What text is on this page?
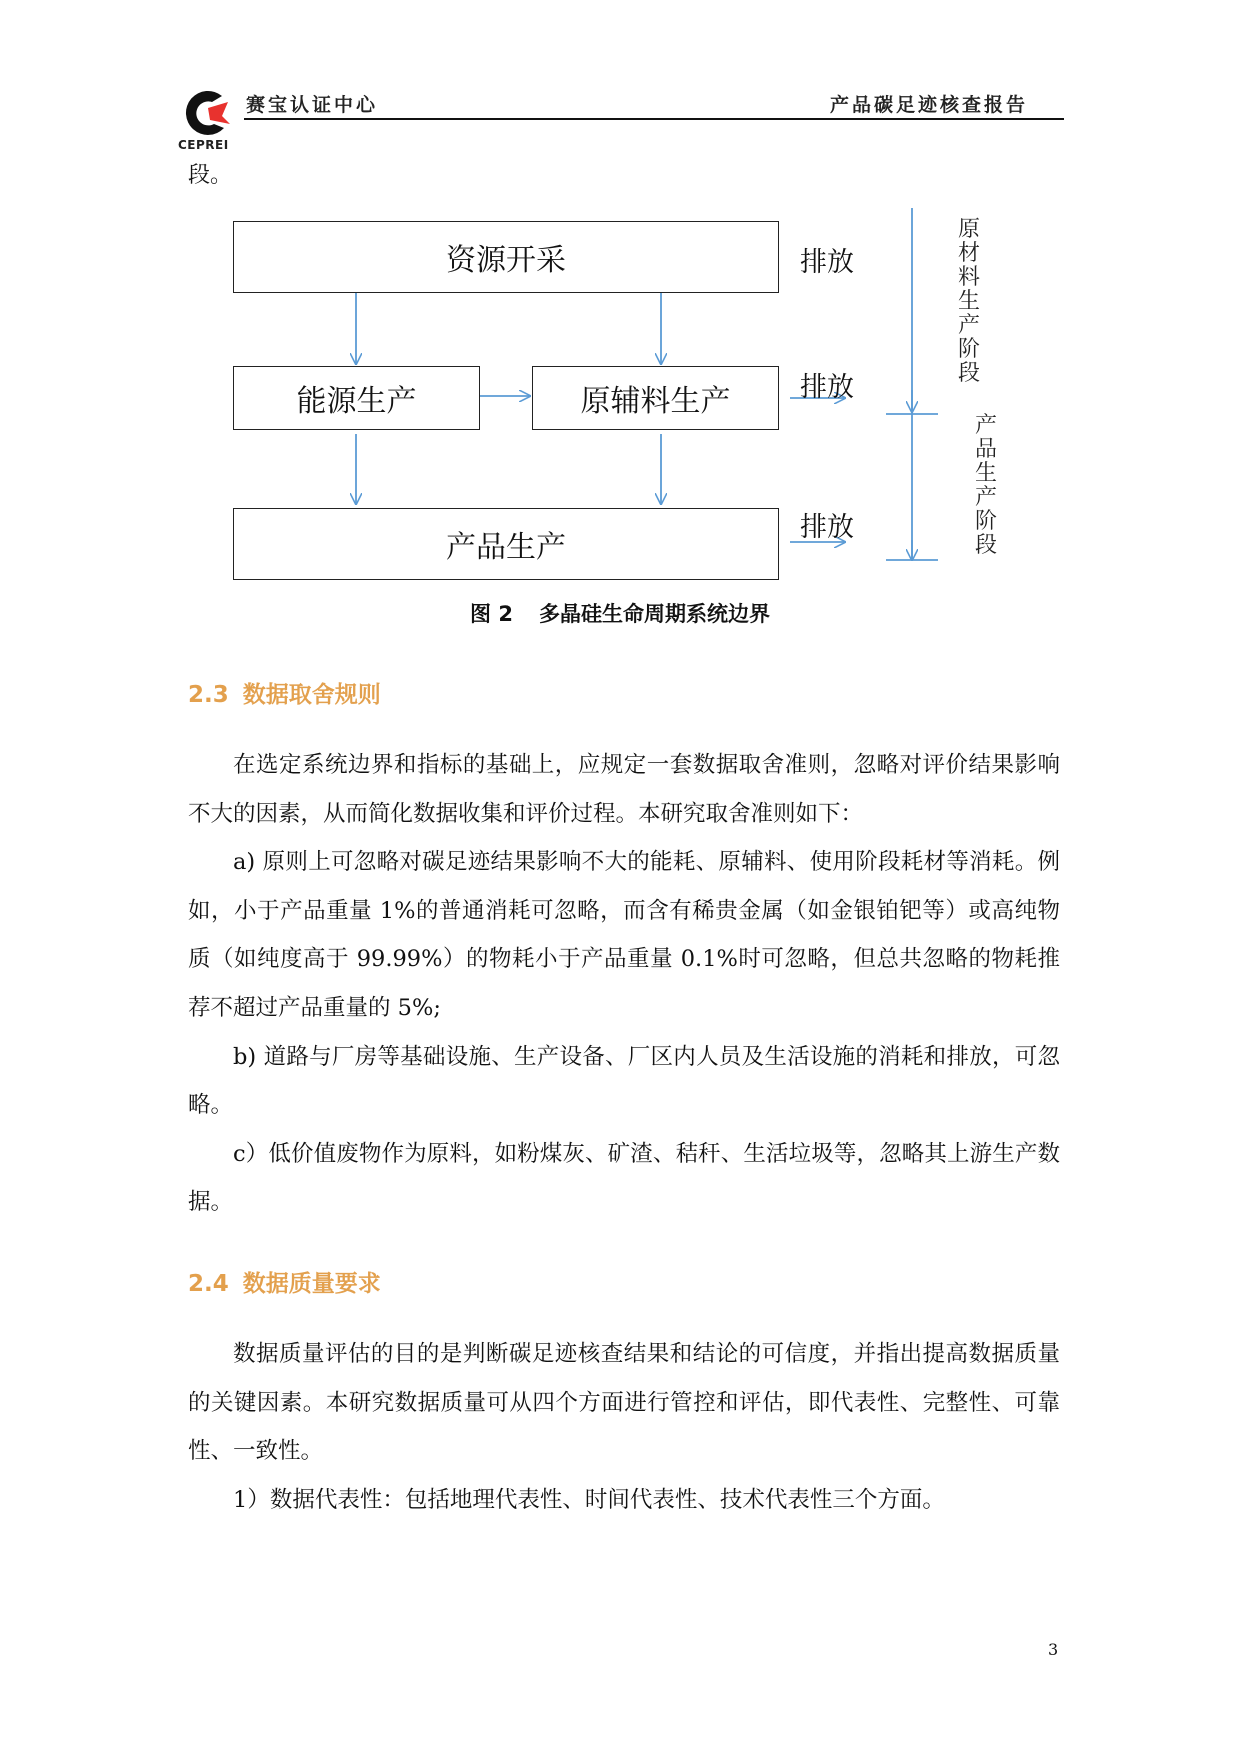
CEPREI
赛宝认证中心	产品碳足迹核查报告
段。
资源开采
能源生产	原辅料生产
产品生产
排放
排放
排放
原材料生产阶段
产品生产阶段
图 2 多晶硅生命周期系统边界
2.3 数据取舍规则

在选定系统边界和指标的基础上，应规定一套数据取舍准则，忽略对评价结果影响不大的因素，从而简化数据收集和评价过程。本研究取舍准则如下：

a) 原则上可忽略对碳足迹结果影响不大的能耗、原辅料、使用阶段耗材等消耗。例如，小于产品重量 1%的普通消耗可忽略，而含有稀贵金属（如金银铂钯等）或高纯物质（如纯度高于 99.99%）的物耗小于产品重量 0.1%时可忽略，但总共忽略的物耗推荐不超过产品重量的 5%;

b) 道路与厂房等基础设施、生产设备、厂区内人员及生活设施的消耗和排放，可忽略。

c）低价值废物作为原料，如粉煤灰、矿渣、秸秆、生活垃圾等，忽略其上游生产数据。

2.4 数据质量要求

数据质量评估的目的是判断碳足迹核查结果和结论的可信度，并指出提高数据质量的关键因素。本研究数据质量可从四个方面进行管控和评估，即代表性、完整性、可靠性、一致性。

1）数据代表性：包括地理代表性、时间代表性、技术代表性三个方面。

3
